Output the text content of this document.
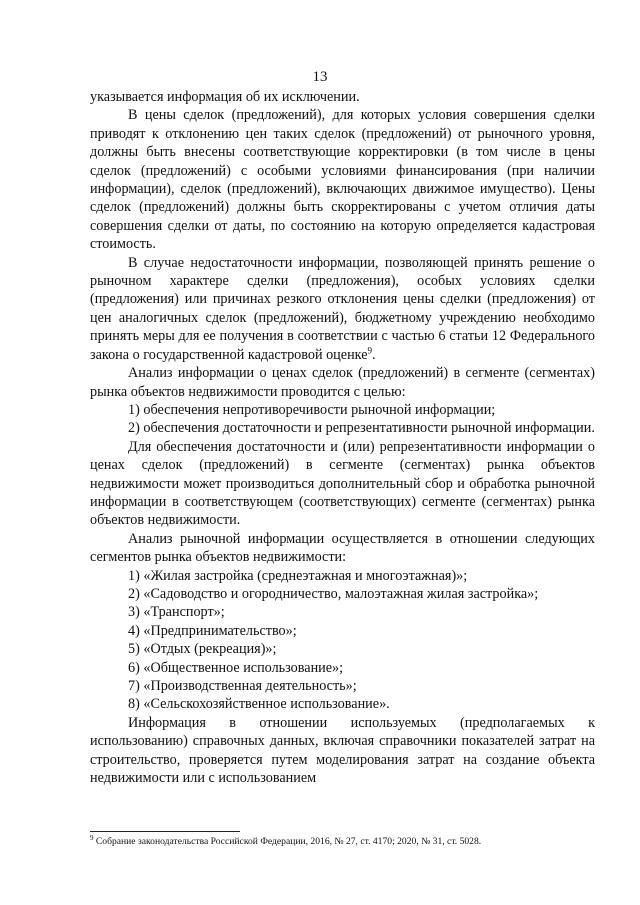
13

указывается информация об их исключении.

В цены сделок (предложений), для которых условия совершения сделки приводят к отклонению цен таких сделок (предложений) от рыночного уровня, должны быть внесены соответствующие корректировки (в том числе в цены сделок (предложений) с особыми условиями финансирования (при наличии информации), сделок (предложений), включающих движимое имущество). Цены сделок (предложений) должны быть скорректированы с учетом отличия даты совершения сделки от даты, по состоянию на которую определяется кадастровая стоимость.

В случае недостаточности информации, позволяющей принять решение о рыночном характере сделки (предложения), особых условиях сделки (предложения) или причинах резкого отклонения цены сделки (предложения) от цен аналогичных сделок (предложений), бюджетному учреждению необходимо принять меры для ее получения в соответствии с частью 6 статьи 12 Федерального закона о государственной кадастровой оценке$^9$.

Анализ информации о ценах сделок (предложений) в сегменте (сегментах) рынка объектов недвижимости проводится с целью:

1) обеспечения непротиворечивости рыночной информации;

2) обеспечения достаточности и репрезентативности рыночной информации.

Для обеспечения достаточности и (или) репрезентативности информации о ценах сделок (предложений) в сегменте (сегментах) рынка объектов недвижимости может производиться дополнительный сбор и обработка рыночной информации в соответствующем (соответствующих) сегменте (сегментах) рынка объектов недвижимости.

Анализ рыночной информации осуществляется в отношении следующих сегментов рынка объектов недвижимости:

1) «Жилая застройка (среднеэтажная и многоэтажная)»;

2) «Садоводство и огородничество, малоэтажная жилая застройка»;

3) «Транспорт»;

4) «Предпринимательство»;

5) «Отдых (рекреация)»;

6) «Общественное использование»;

7) «Производственная деятельность»;

8) «Сельскохозяйственное использование».

Информация в отношении используемых (предполагаемых к использованию) справочных данных, включая справочники показателей затрат на строительство, проверяется путем моделирования затрат на создание объекта недвижимости или с использованием

$^9$ Собрание законодательства Российской Федерации, 2016, № 27, ст. 4170; 2020, № 31, ст. 5028.
